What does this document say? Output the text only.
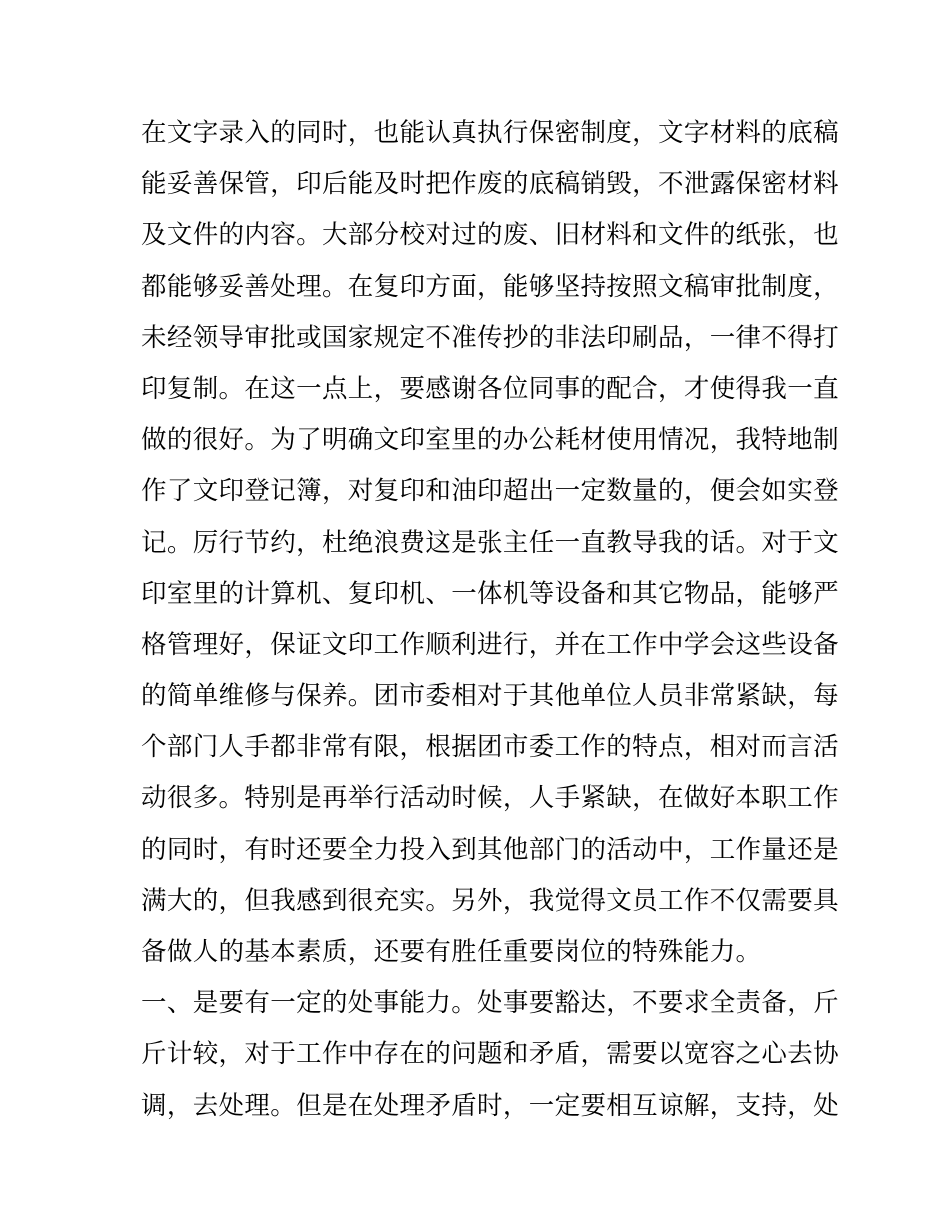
在文字录入的同时，也能认真执行保密制度，文字材料的底稿
能妥善保管，印后能及时把作废的底稿销毁，不泄露保密材料
及文件的内容。大部分校对过的废、旧材料和文件的纸张，也
都能够妥善处理。在复印方面，能够坚持按照文稿审批制度，
未经领导审批或国家规定不准传抄的非法印刷品，一律不得打
印复制。在这一点上，要感谢各位同事的配合，才使得我一直
做的很好。为了明确文印室里的办公耗材使用情况，我特地制
作了文印登记簿，对复印和油印超出一定数量的，便会如实登
记。厉行节约，杜绝浪费这是张主任一直教导我的话。对于文
印室里的计算机、复印机、一体机等设备和其它物品，能够严
格管理好，保证文印工作顺利进行，并在工作中学会这些设备
的简单维修与保养。团市委相对于其他单位人员非常紧缺，每
个部门人手都非常有限，根据团市委工作的特点，相对而言活
动很多。特别是再举行活动时候，人手紧缺，在做好本职工作
的同时，有时还要全力投入到其他部门的活动中，工作量还是
满大的，但我感到很充实。另外，我觉得文员工作不仅需要具
备做人的基本素质，还要有胜任重要岗位的特殊能力。
一、是要有一定的处事能力。处事要豁达，不要求全责备，斤
斤计较，对于工作中存在的问题和矛盾，需要以宽容之心去协
调，去处理。但是在处理矛盾时，一定要相互谅解，支持，处
